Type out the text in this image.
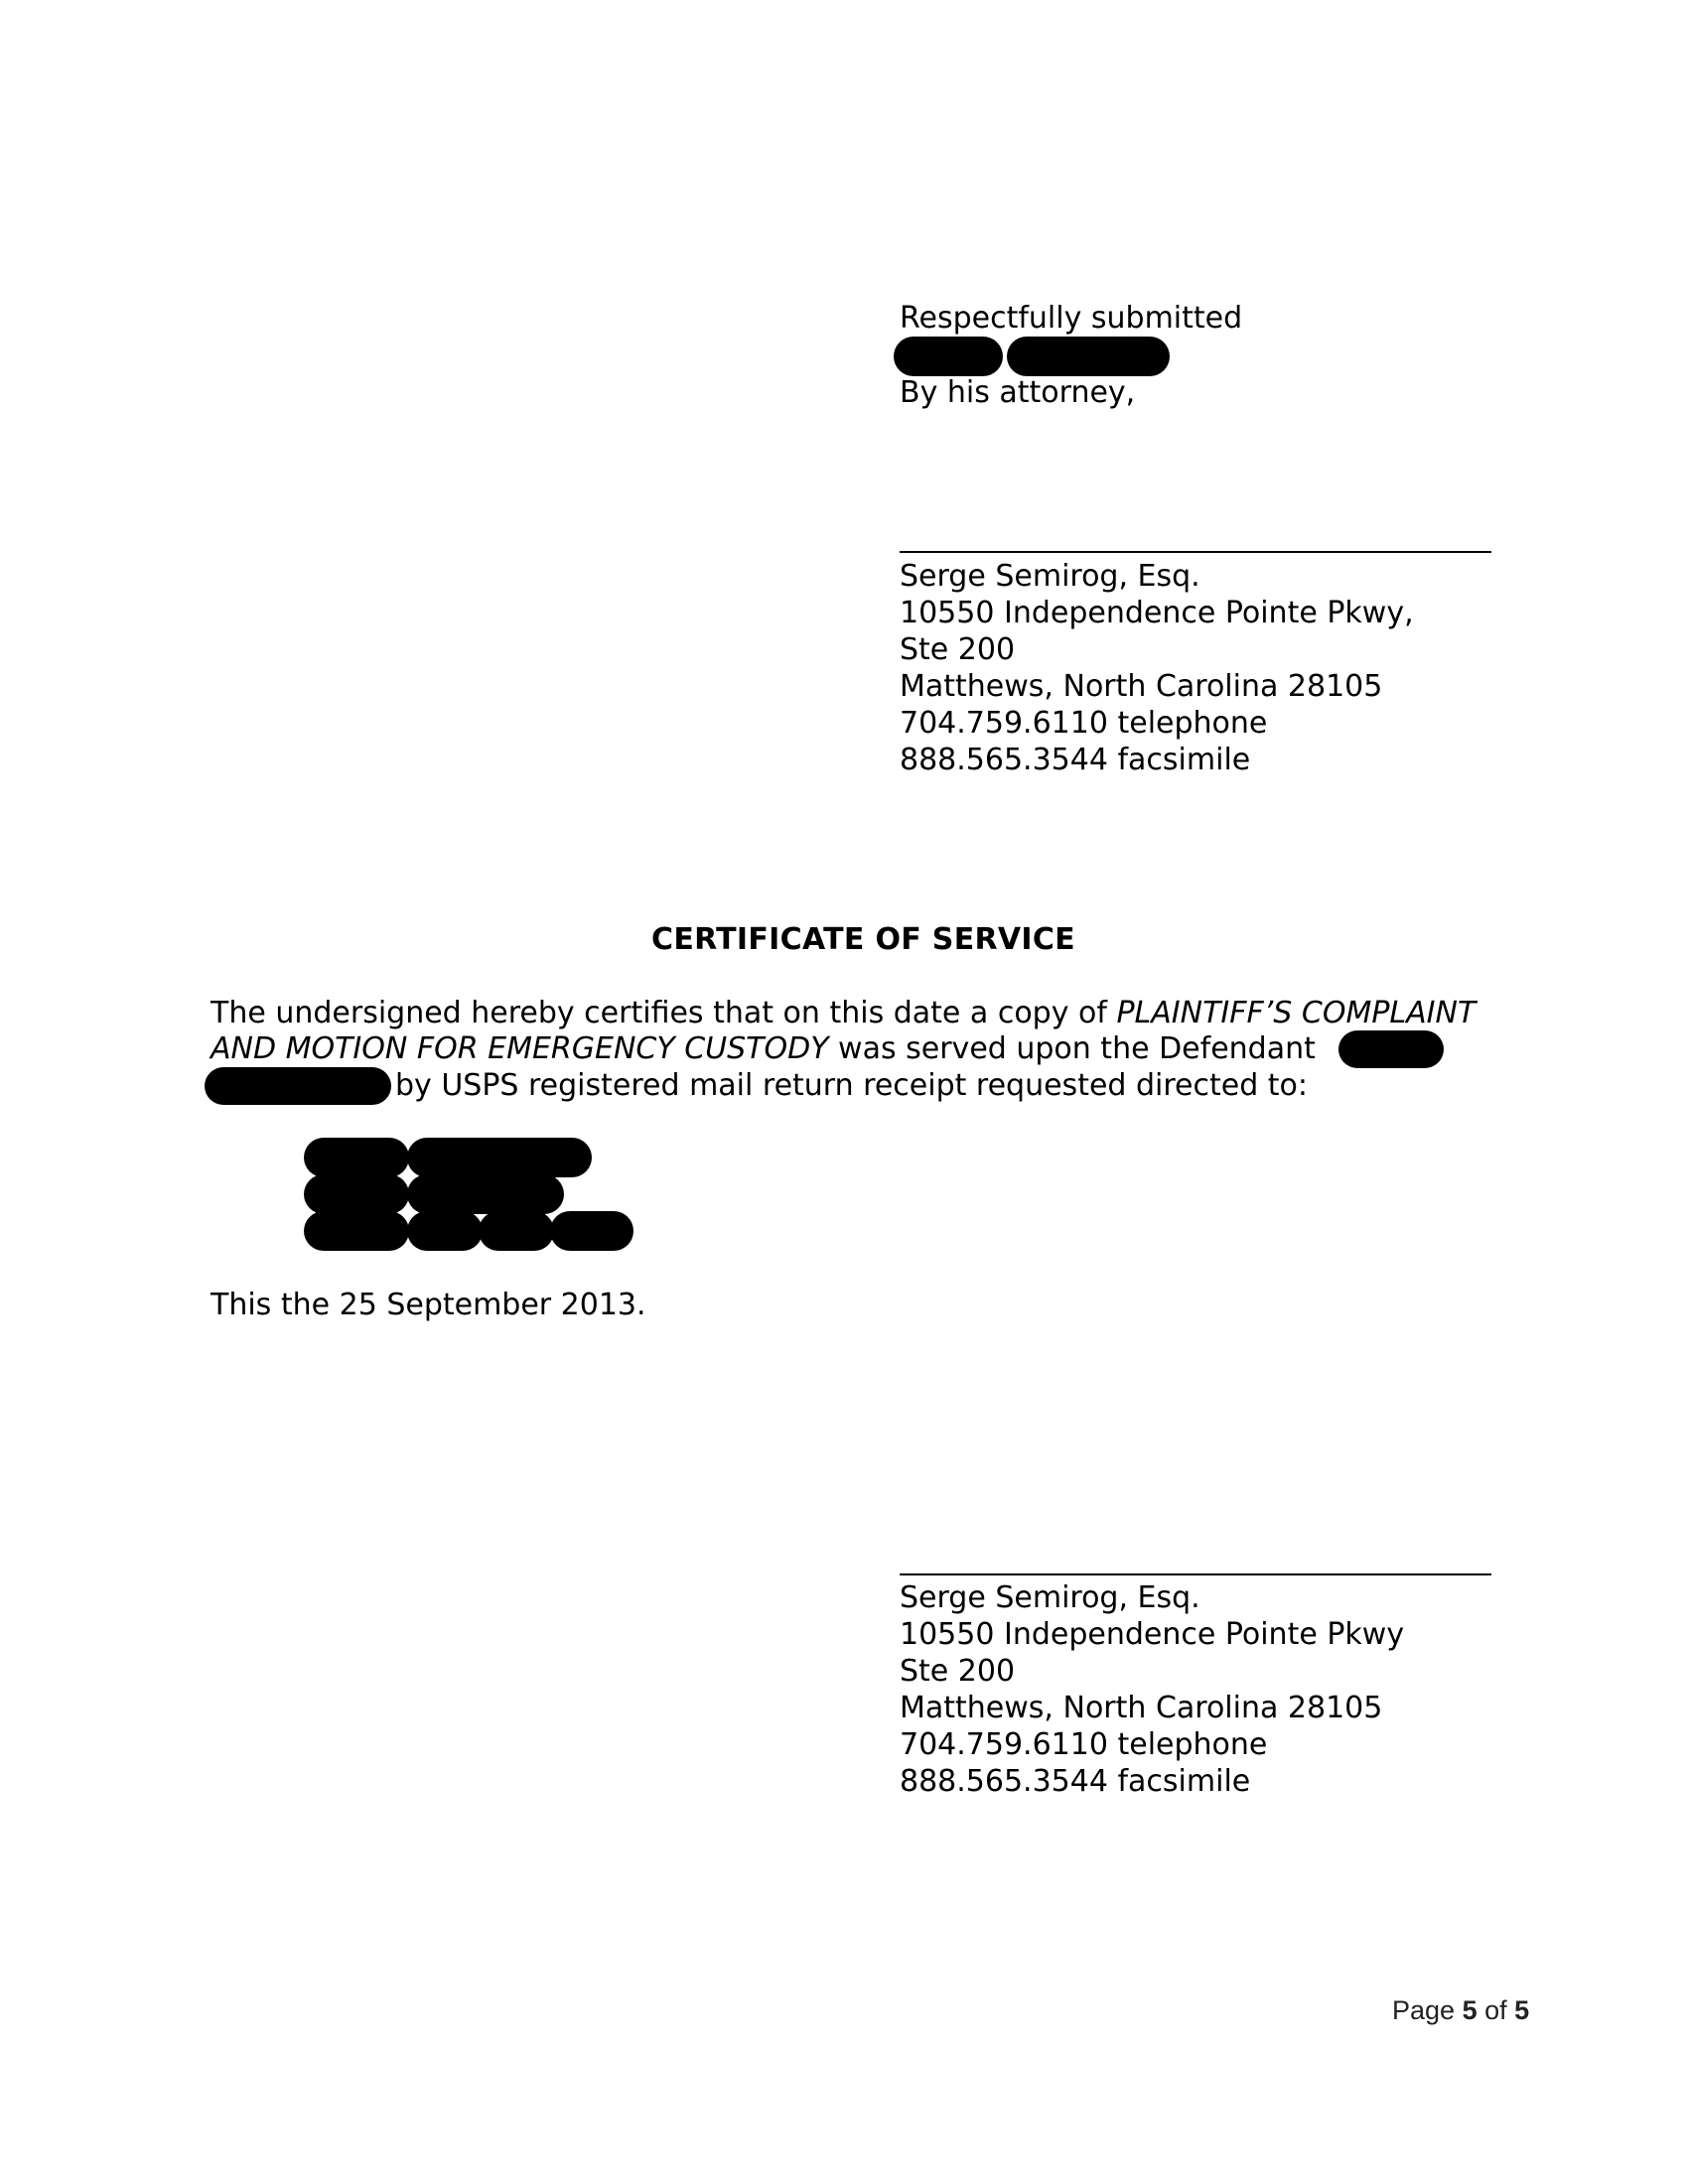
Respectfully submitted
By his attorney,
Serge Semirog, Esq.
10550 Independence Pointe Pkwy,
Ste 200
Matthews, North Carolina 28105
704.759.6110 telephone
888.565.3544 facsimile
CERTIFICATE OF SERVICE
The undersigned hereby certifies that on this date a copy of PLAINTIFF’S COMPLAINT
AND MOTION FOR EMERGENCY CUSTODY was served upon the Defendant
by USPS registered mail return receipt requested directed to:
This the 25 September 2013.
Serge Semirog, Esq.
10550 Independence Pointe Pkwy
Ste 200
Matthews, North Carolina 28105
704.759.6110 telephone
888.565.3544 facsimile
Page 5 of 5
